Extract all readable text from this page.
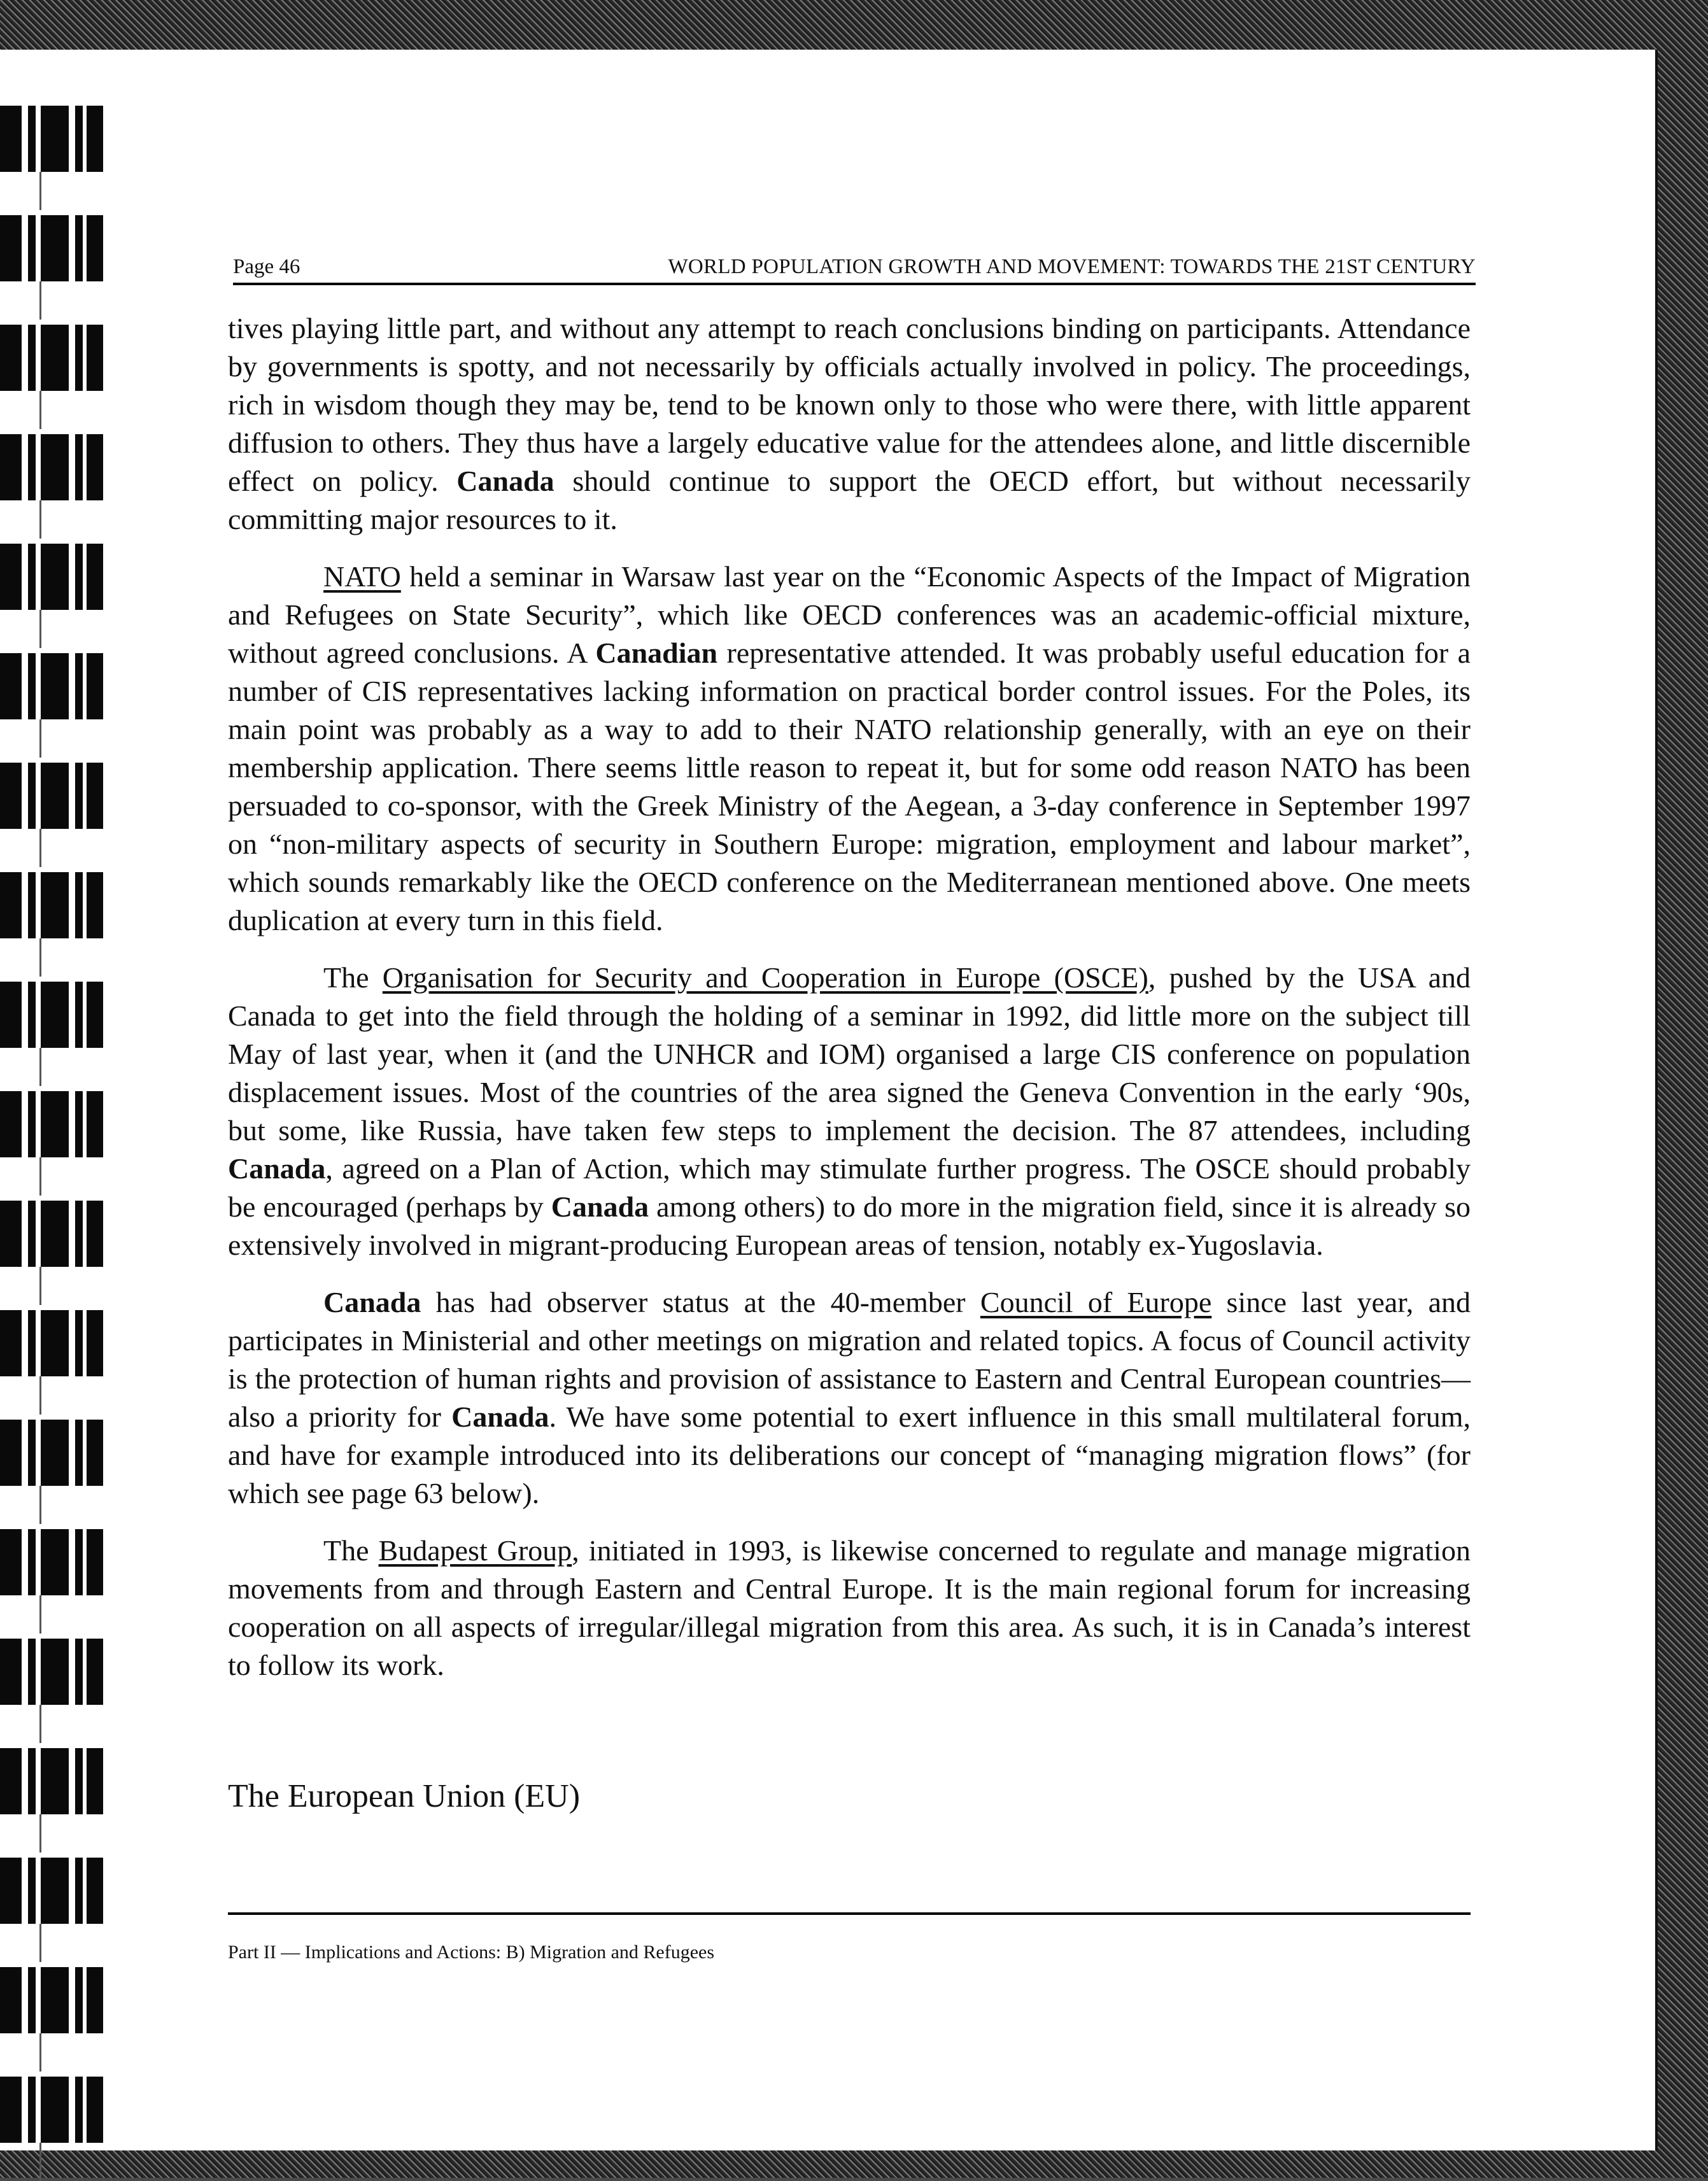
Page 46	WORLD POPULATION GROWTH AND MOVEMENT: TOWARDS THE 21ST CENTURY

tives playing little part, and without any attempt to reach conclusions binding on participants. Attendance by governments is spotty, and not necessarily by officials actually involved in policy. The proceedings, rich in wisdom though they may be, tend to be known only to those who were there, with little apparent diffusion to others. They thus have a largely educative value for the attendees alone, and little discernible effect on policy. Canada should continue to support the OECD effort, but without necessarily committing major resources to it.

NATO held a seminar in Warsaw last year on the “Economic Aspects of the Impact of Migration and Refugees on State Security”, which like OECD conferences was an academic-official mixture, without agreed conclusions. A Canadian representative attended. It was probably useful education for a number of CIS representatives lacking information on practical border control issues. For the Poles, its main point was probably as a way to add to their NATO relationship generally, with an eye on their membership application. There seems little reason to repeat it, but for some odd reason NATO has been persuaded to co-sponsor, with the Greek Ministry of the Aegean, a 3-day conference in September 1997 on “non-military aspects of security in Southern Europe: migration, employment and labour market”, which sounds remarkably like the OECD conference on the Mediterranean mentioned above. One meets duplication at every turn in this field.

The Organisation for Security and Cooperation in Europe (OSCE), pushed by the USA and Canada to get into the field through the holding of a seminar in 1992, did little more on the subject till May of last year, when it (and the UNHCR and IOM) organised a large CIS conference on population displacement issues. Most of the countries of the area signed the Geneva Convention in the early ‘90s, but some, like Russia, have taken few steps to implement the decision. The 87 attendees, including Canada, agreed on a Plan of Action, which may stimulate further progress. The OSCE should probably be encouraged (perhaps by Canada among others) to do more in the migration field, since it is already so extensively involved in migrant-producing European areas of tension, notably ex-Yugoslavia.

Canada has had observer status at the 40-member Council of Europe since last year, and participates in Ministerial and other meetings on migration and related topics. A focus of Council activity is the protection of human rights and provision of assistance to Eastern and Central European countries—also a priority for Canada. We have some potential to exert influence in this small multilateral forum, and have for example introduced into its deliberations our concept of “managing migration flows” (for which see page 63 below).

The Budapest Group, initiated in 1993, is likewise concerned to regulate and manage migration movements from and through Eastern and Central Europe. It is the main regional forum for increasing cooperation on all aspects of irregular/illegal migration from this area. As such, it is in Canada’s interest to follow its work.

The European Union (EU)
Part II — Implications and Actions: B) Migration and Refugees
